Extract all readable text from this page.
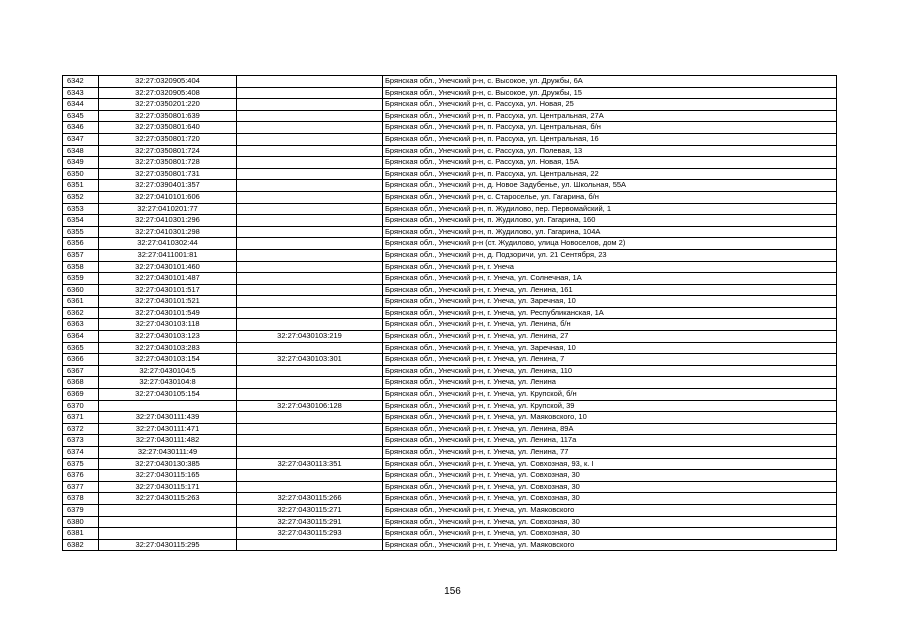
6342	32:27:0320905:404		Брянская обл., Унечский р-н, с. Высокое, ул. Дружбы, 6А
6343	32:27:0320905:408		Брянская обл., Унечский р-н, с. Высокое, ул. Дружбы, 15
6344	32:27:0350201:220		Брянская обл., Унечский р-н, с. Рассуха, ул. Новая, 25
6345	32:27:0350801:639		Брянская обл., Унечский р-н, п. Рассуха, ул. Центральная, 27А
6346	32:27:0350801:640		Брянская обл., Унечский р-н, п. Рассуха, ул. Центральная, б/н
6347	32:27:0350801:720		Брянская обл., Унечский р-н, п. Рассуха, ул. Центральная, 16
6348	32:27:0350801:724		Брянская обл., Унечский р-н, с. Рассуха, ул. Полевая, 13
6349	32:27:0350801:728		Брянская обл., Унечский р-н, с. Рассуха, ул. Новая, 15А
6350	32:27:0350801:731		Брянская обл., Унечский р-н, п. Рассуха, ул. Центральная, 22
6351	32:27:0390401:357		Брянская обл., Унечский р-н, д. Новое Задубенье, ул. Школьная, 55А
6352	32:27:0410101:606		Брянская обл., Унечский р-н, с. Староселье, ул. Гагарина, б/н
6353	32:27:0410201:77		Брянская обл., Унечский р-н, п. Жудилово, пер. Первомайский, 1
6354	32:27:0410301:296		Брянская обл., Унечский р-н, п. Жудилово, ул. Гагарина, 160
6355	32:27:0410301:298		Брянская обл., Унечский р-н, п. Жудилово, ул. Гагарина, 104А
6356	32:27:0410302:44		Брянская обл., Унечский р-н (ст. Жудилово, улица Новоселов, дом 2)
6357	32:27:0411001:81		Брянская обл., Унечский р-н, д. Подзоричи, ул. 21 Сентября, 23
6358	32:27:0430101:460		Брянская обл., Унечский р-н, г. Унеча
6359	32:27:0430101:487		Брянская обл., Унечский р-н, г. Унеча, ул. Солнечная, 1А
6360	32:27:0430101:517		Брянская обл., Унечский р-н, г. Унеча, ул. Ленина, 161
6361	32:27:0430101:521		Брянская обл., Унечский р-н, г. Унеча, ул. Заречная, 10
6362	32:27:0430101:549		Брянская обл., Унечский р-н, г. Унеча, ул. Республиканская, 1А
6363	32:27:0430103:118		Брянская обл., Унечский р-н, г. Унеча, ул. Ленина, б/н
6364	32:27:0430103:123	32:27:0430103:219	Брянская обл., Унечский р-н, г. Унеча, ул. Ленина, 27
6365	32:27:0430103:283		Брянская обл., Унечский р-н, г. Унеча, ул. Заречная, 10
6366	32:27:0430103:154	32:27:0430103:301	Брянская обл., Унечский р-н, г. Унеча, ул. Ленина, 7
6367	32:27:0430104:5		Брянская обл., Унечский р-н, г. Унеча, ул. Ленина, 110
6368	32:27:0430104:8		Брянская обл., Унечский р-н, г. Унеча, ул. Ленина
6369	32:27:0430105:154		Брянская обл., Унечский р-н, г. Унеча, ул. Крупской, б/н
6370		32:27:0430106:128	Брянская обл., Унечский р-н, г. Унеча, ул. Крупской, 39
6371	32:27:0430111:439		Брянская обл., Унечский р-н, г. Унеча, ул. Маяковского, 10
6372	32:27:0430111:471		Брянская обл., Унечский р-н, г. Унеча, ул. Ленина, 89А
6373	32:27:0430111:482		Брянская обл., Унечский р-н, г. Унеча, ул. Ленина, 117а
6374	32:27:0430111:49		Брянская обл., Унечский р-н, г. Унеча, ул. Ленина, 77
6375	32:27:0430130:385	32:27:0430113:351	Брянская обл., Унечский р-н, г. Унеча, ул. Совхозная, 93, к. I
6376	32:27:0430115:165		Брянская обл., Унечский р-н, г. Унеча, ул. Совхозная, 30
6377	32:27:0430115:171		Брянская обл., Унечский р-н, г. Унеча, ул. Совхозная, 30
6378	32:27:0430115:263	32:27:0430115:266	Брянская обл., Унечский р-н, г. Унеча, ул. Совхозная, 30
6379		32:27:0430115:271	Брянская обл., Унечский р-н, г. Унеча, ул. Маяковского
6380		32:27:0430115:291	Брянская обл., Унечский р-н, г. Унеча, ул. Совхозная, 30
6381		32:27:0430115:293	Брянская обл., Унечский р-н, г. Унеча, ул. Совхозная, 30
6382	32:27:0430115:295		Брянская обл., Унечский р-н, г. Унеча, ул. Маяковского
156
